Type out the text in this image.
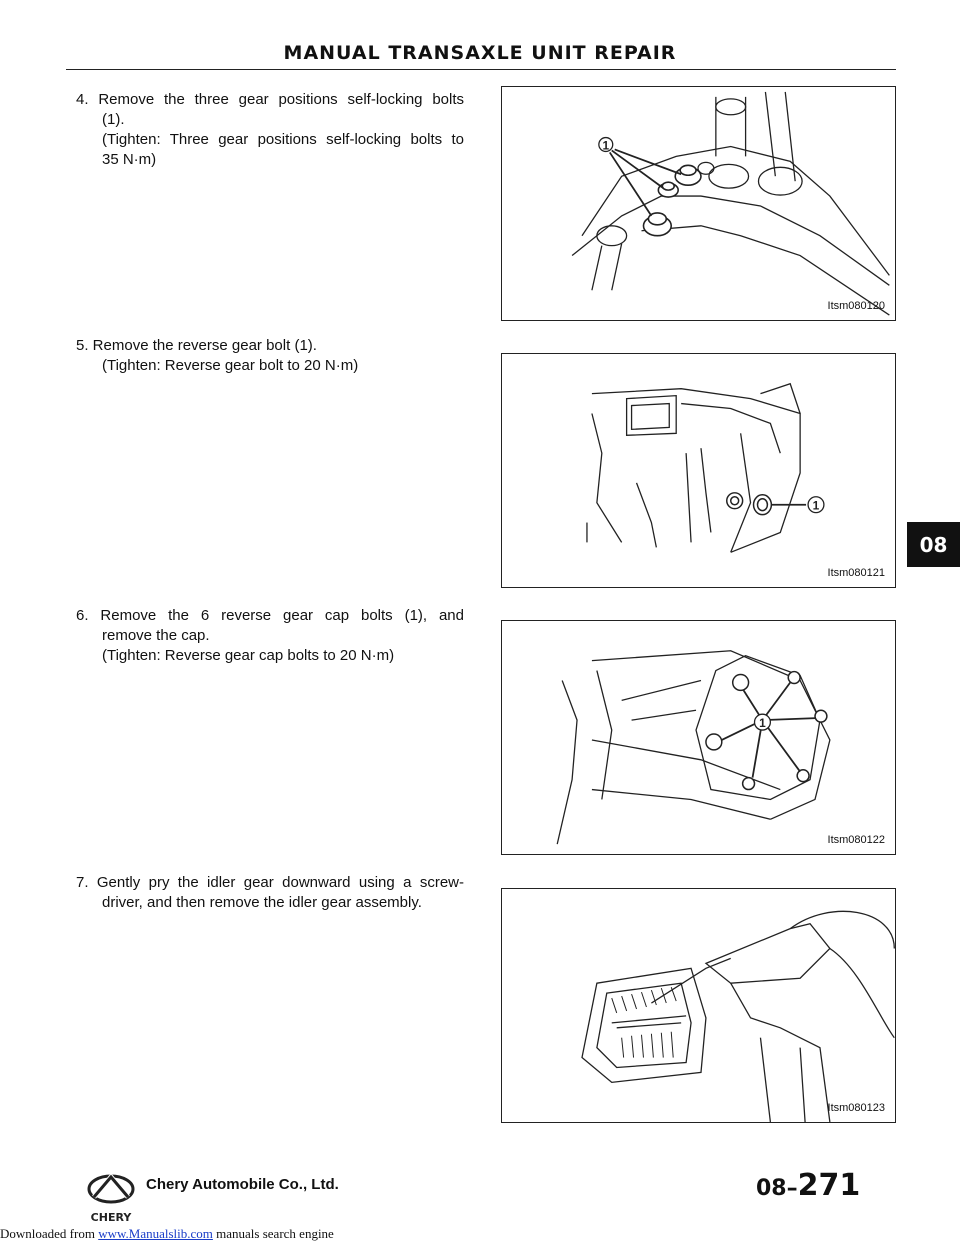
MANUAL TRANSAXLE UNIT REPAIR
4. Remove the three gear positions self-locking bolts
(1).
(Tighten: Three gear positions self-locking bolts to
35 N·m)
5. Remove the reverse gear bolt (1).
(Tighten: Reverse gear bolt to 20 N·m)
6. Remove the 6 reverse gear cap bolts (1), and
remove the cap.
(Tighten: Reverse gear cap bolts to 20 N·m)
7. Gently pry the idler gear downward using a screw-
driver, and then remove the idler gear assembly.
1
Itsm080120
1
Itsm080121
1
Itsm080122
Itsm080123
08
CHERY
Chery Automobile Co., Ltd.	08–271
Downloaded from www.Manualslib.com manuals search engine
